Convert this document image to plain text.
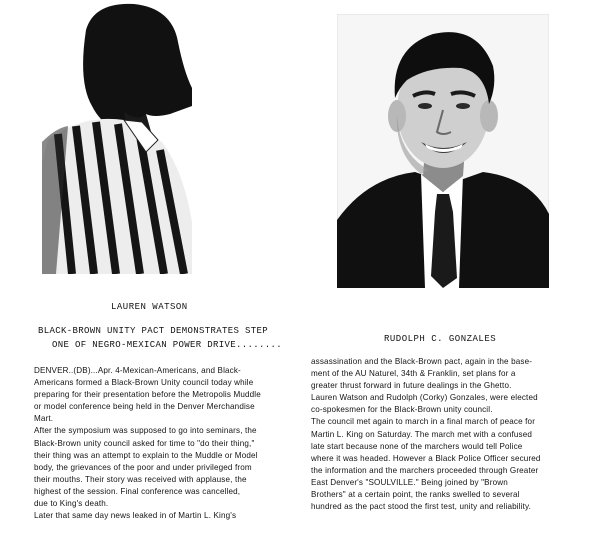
LAUREN WATSON
RUDOLPH C. GONZALES
BLACK-BROWN UNITY PACT DEMONSTRATES STEP
ONE OF NEGRO-MEXICAN POWER DRIVE........

DENVER..(DB)...Apr. 4-Mexican-Americans, and Black-

Americans formed a Black-Brown Unity council today while

preparing for their presentation before the Metropolis Muddle

or model conference being held in the Denver Merchandise

Mart.

After the symposium was supposed to go into seminars, the

Black-Brown unity council asked for time to "do their thing,"

their thing was an attempt to explain to the Muddle or Model

body, the grievances of the poor and under privileged from

their mouths. Their story was received with applause, the

highest of the session. Final conference was cancelled,

due to King's death.

Later that same day news leaked in of Martin L. King's

assassination and the Black-Brown pact, again in the base-

ment of the AU Naturel, 34th & Franklin, set plans for a

greater thrust forward in future dealings in the Ghetto.

Lauren Watson and Rudolph (Corky) Gonzales, were elected

co-spokesmen for the Black-Brown unity council.

The council met again to march in a final march of peace for

Martin L. King on Saturday. The march met with a confused

late start because none of the marchers would tell Police

where it was headed. However a Black Police Officer secured

the information and the marchers proceeded through Greater

East Denver's "SOULVILLE." Being joined by "Brown

Brothers" at a certain point, the ranks swelled to several

hundred as the pact stood the first test, unity and reliability.
